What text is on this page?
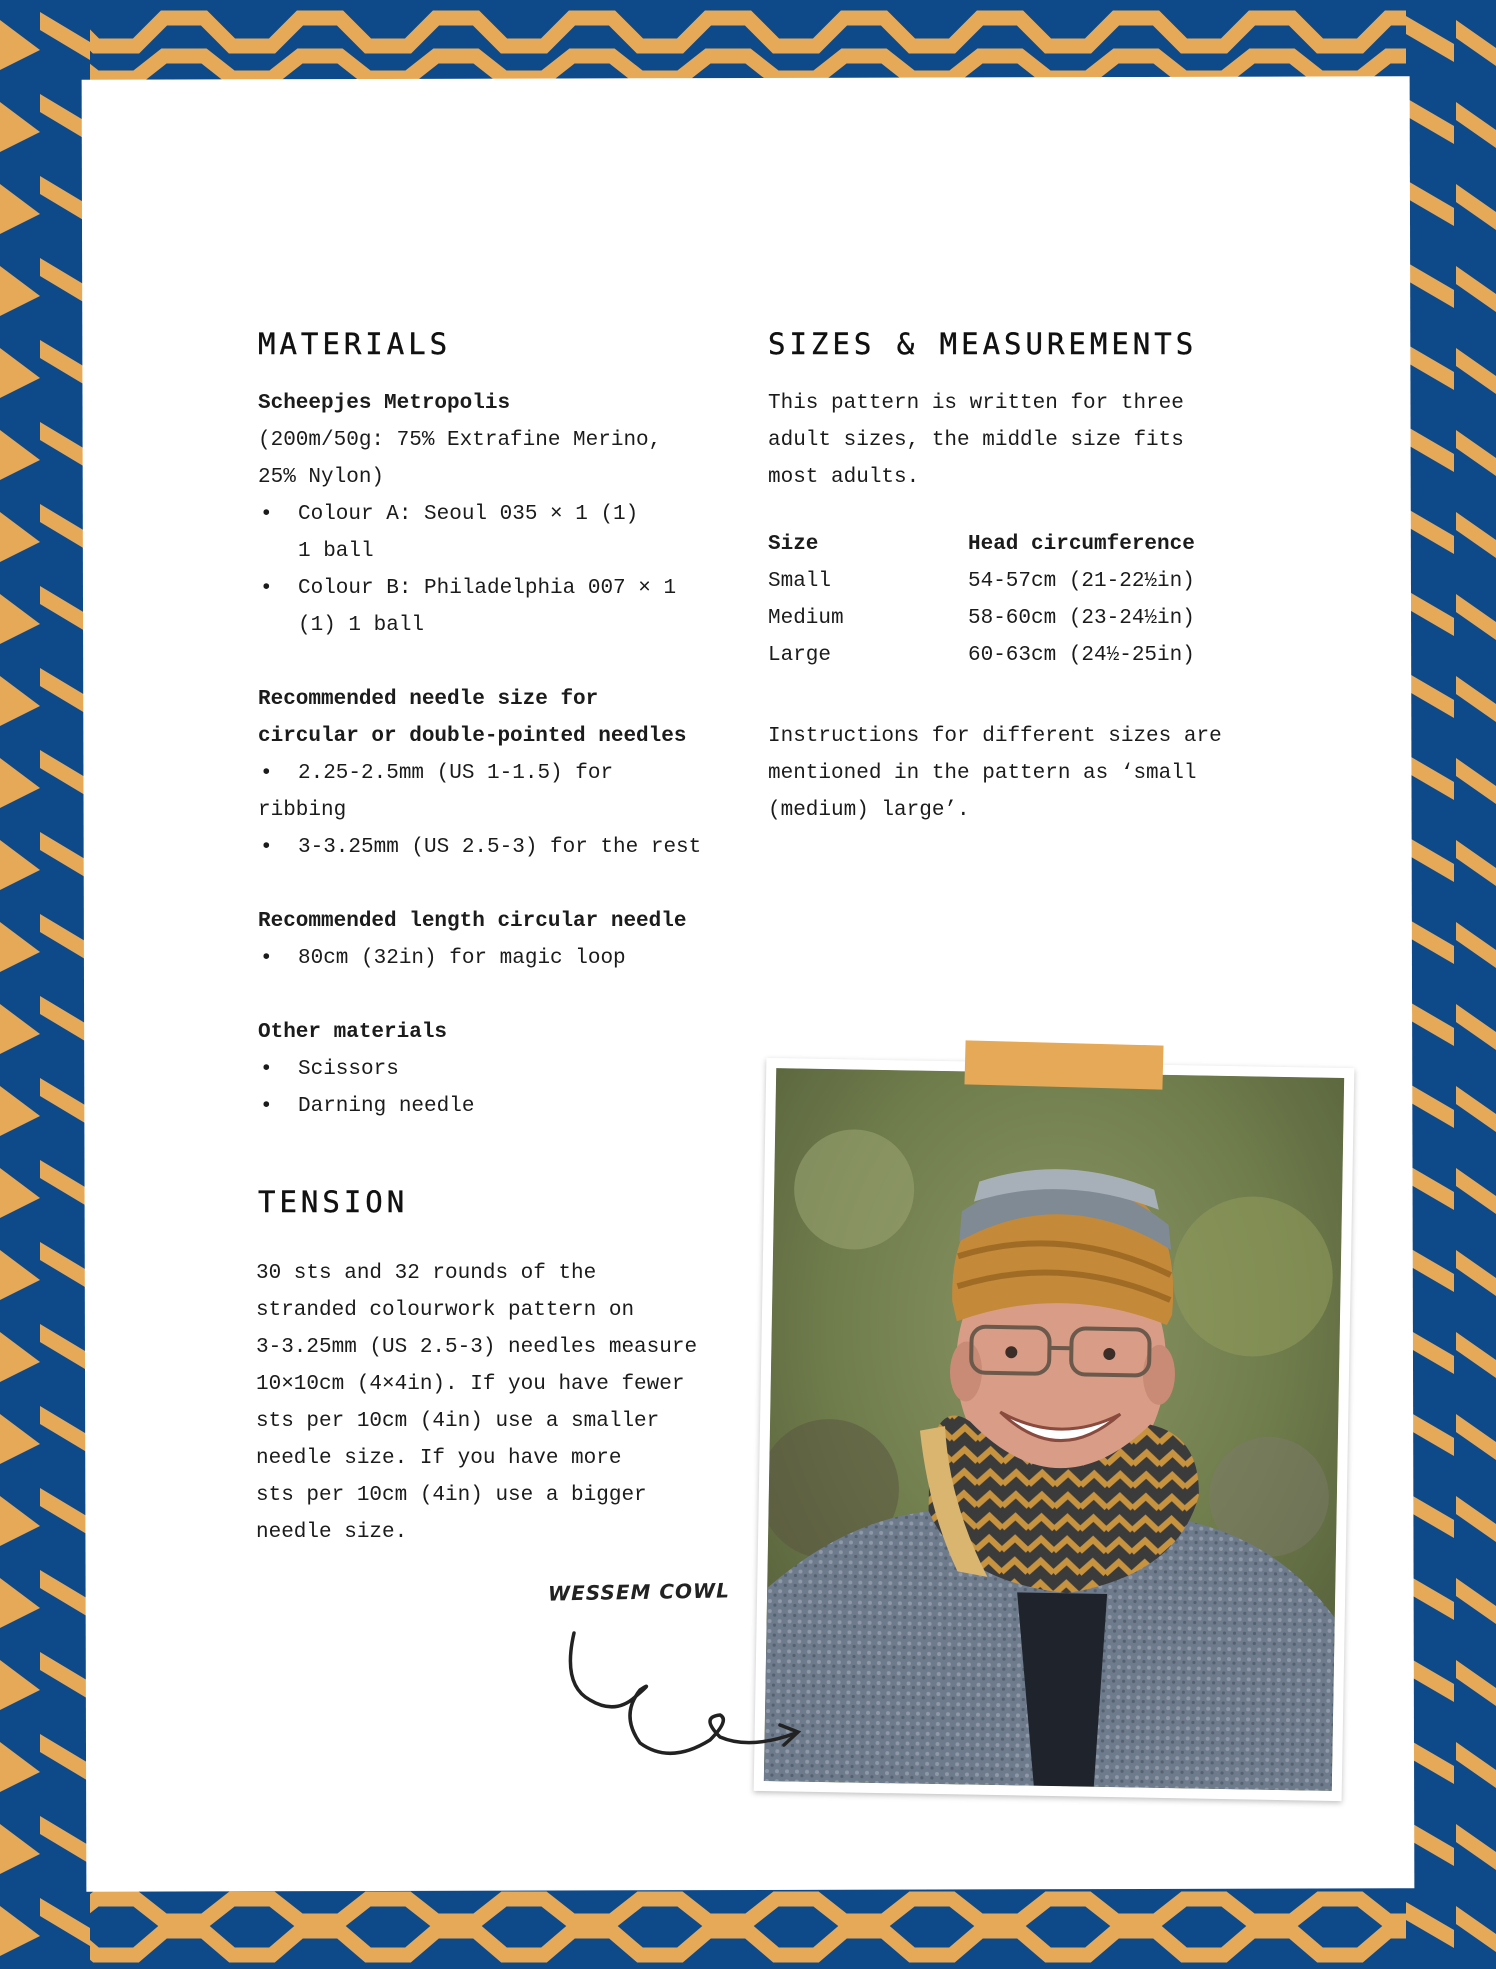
MATERIALS
Scheepjes Metropolis
(200m/50g: 75% Extrafine Merino,
25% Nylon)
• Colour A: Seoul 035 × 1 (1)
1 ball
• Colour B: Philadelphia 007 × 1
(1) 1 ball
Recommended needle size for
circular or double-pointed needles
• 2.25-2.5mm (US 1-1.5) for
ribbing
• 3-3.25mm (US 2.5-3) for the rest
Recommended length circular needle
• 80cm (32in) for magic loop
Other materials
• Scissors
• Darning needle
TENSION
30 sts and 32 rounds of the
stranded colourwork pattern on
3-3.25mm (US 2.5-3) needles measure
10×10cm (4×4in). If you have fewer
sts per 10cm (4in) use a smaller
needle size. If you have more
sts per 10cm (4in) use a bigger
needle size.
SIZES & MEASUREMENTS
This pattern is written for three
adult sizes, the middle size fits
most adults.
Size	Head circumference
Small	54-57cm (21-22½in)
Medium	58-60cm (23-24½in)
Large	60-63cm (24½-25in)
Instructions for different sizes are
mentioned in the pattern as ‘small
(medium) large’.
WESSEM COWL
